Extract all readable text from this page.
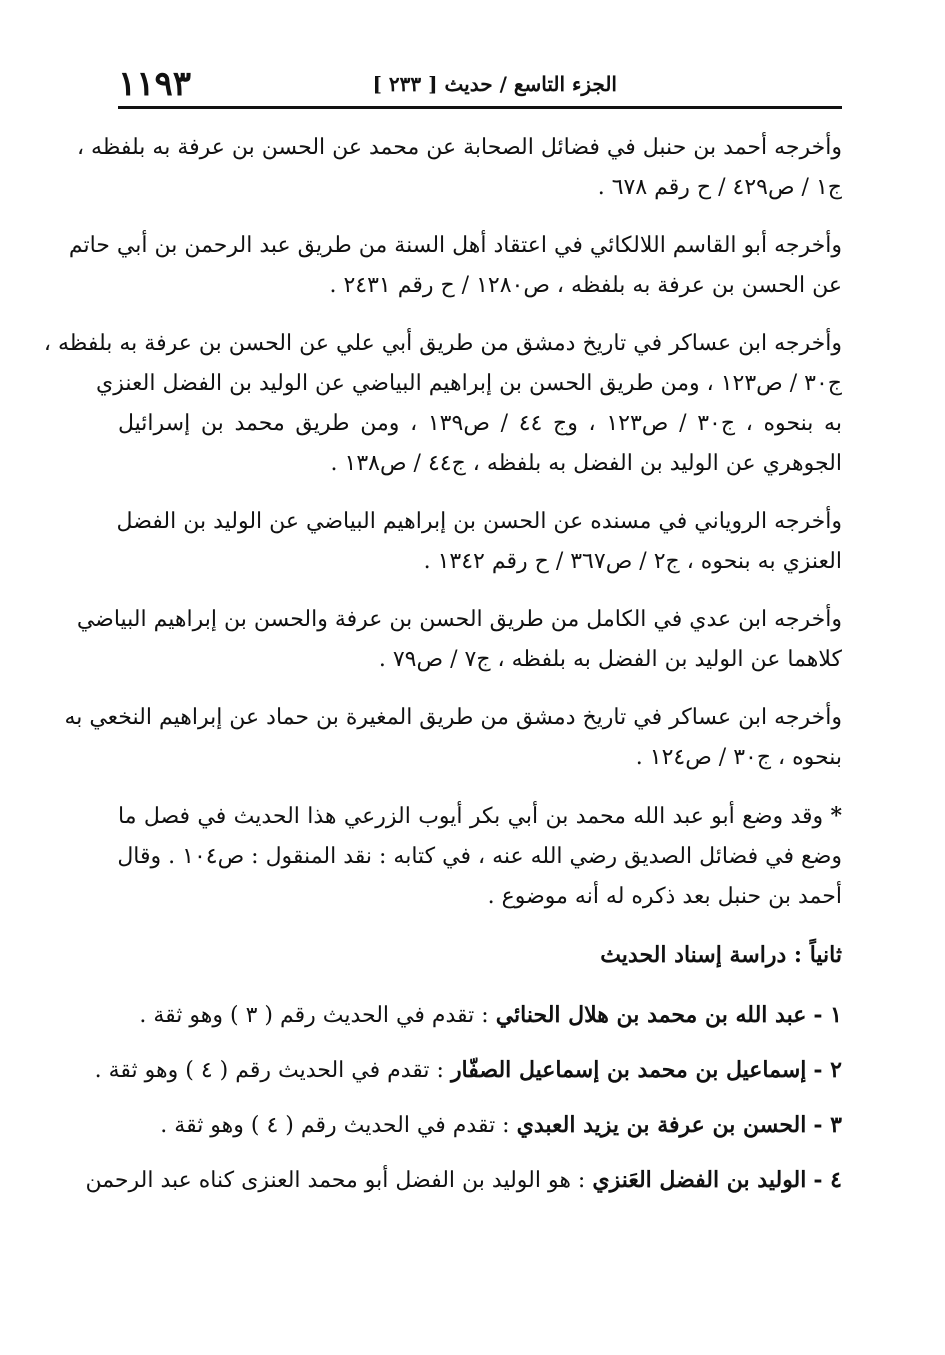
الجزء التاسع / حديث [ ٢٣٣ ]
١١٩٣
وأخرجه أحمد بن حنبل في فضائل الصحابة عن محمد عن الحسن بن عرفة به بلفظه ،
ج١ / ص٤٢٩ / ح رقم ٦٧٨ .
وأخرجه أبو القاسم اللالكائي في اعتقاد أهل السنة من طريق عبد الرحمن بن أبي حاتم
عن الحسن بن عرفة به بلفظه ، ص١٢٨٠ / ح رقم ٢٤٣١ .
وأخرجه ابن عساكر في تاريخ دمشق من طريق أبي علي عن الحسن بن عرفة به بلفظه ،
ج٣٠ / ص١٢٣ ، ومن طريق الحسن بن إبراهيم البياضي عن الوليد بن الفضل العنزي
به بنحوه ، ج٣٠ / ص١٢٣ ، وج ٤٤ / ص١٣٩ ، ومن طريق محمد بن إسرائيل
الجوهري عن الوليد بن الفضل به بلفظه ، ج٤٤ / ص١٣٨ .
وأخرجه الروياني في مسنده عن الحسن بن إبراهيم البياضي عن الوليد بن الفضل
العنزي به بنحوه ، ج٢ / ص٣٦٧ / ح رقم ١٣٤٢ .
وأخرجه ابن عدي في الكامل من طريق الحسن بن عرفة والحسن بن إبراهيم البياضي
كلاهما عن الوليد بن الفضل به بلفظه ، ج٧ / ص٧٩ .
وأخرجه ابن عساكر في تاريخ دمشق من طريق المغيرة بن حماد عن إبراهيم النخعي به
بنحوه ، ج٣٠ / ص١٢٤ .
* وقد وضع أبو عبد الله محمد بن أبي بكر أيوب الزرعي هذا الحديث في فصل ما
وضع في فضائل الصديق رضي الله عنه ، في كتابه : نقد المنقول : ص١٠٤ . وقال
أحمد بن حنبل بعد ذكره له أنه موضوع .
ثانياً : دراسة إسناد الحديث
١ - عبد الله بن محمد بن هلال الحنائي : تقدم في الحديث رقم ( ٣ ) وهو ثقة .
٢ - إسماعيل بن محمد بن إسماعيل الصفّار : تقدم في الحديث رقم ( ٤ ) وهو ثقة .
٣ - الحسن بن عرفة بن يزيد العبدي : تقدم في الحديث رقم ( ٤ ) وهو ثقة .
٤ - الوليد بن الفضل العَنزي : هو الوليد بن الفضل أبو محمد العنزى كناه عبد الرحمن
